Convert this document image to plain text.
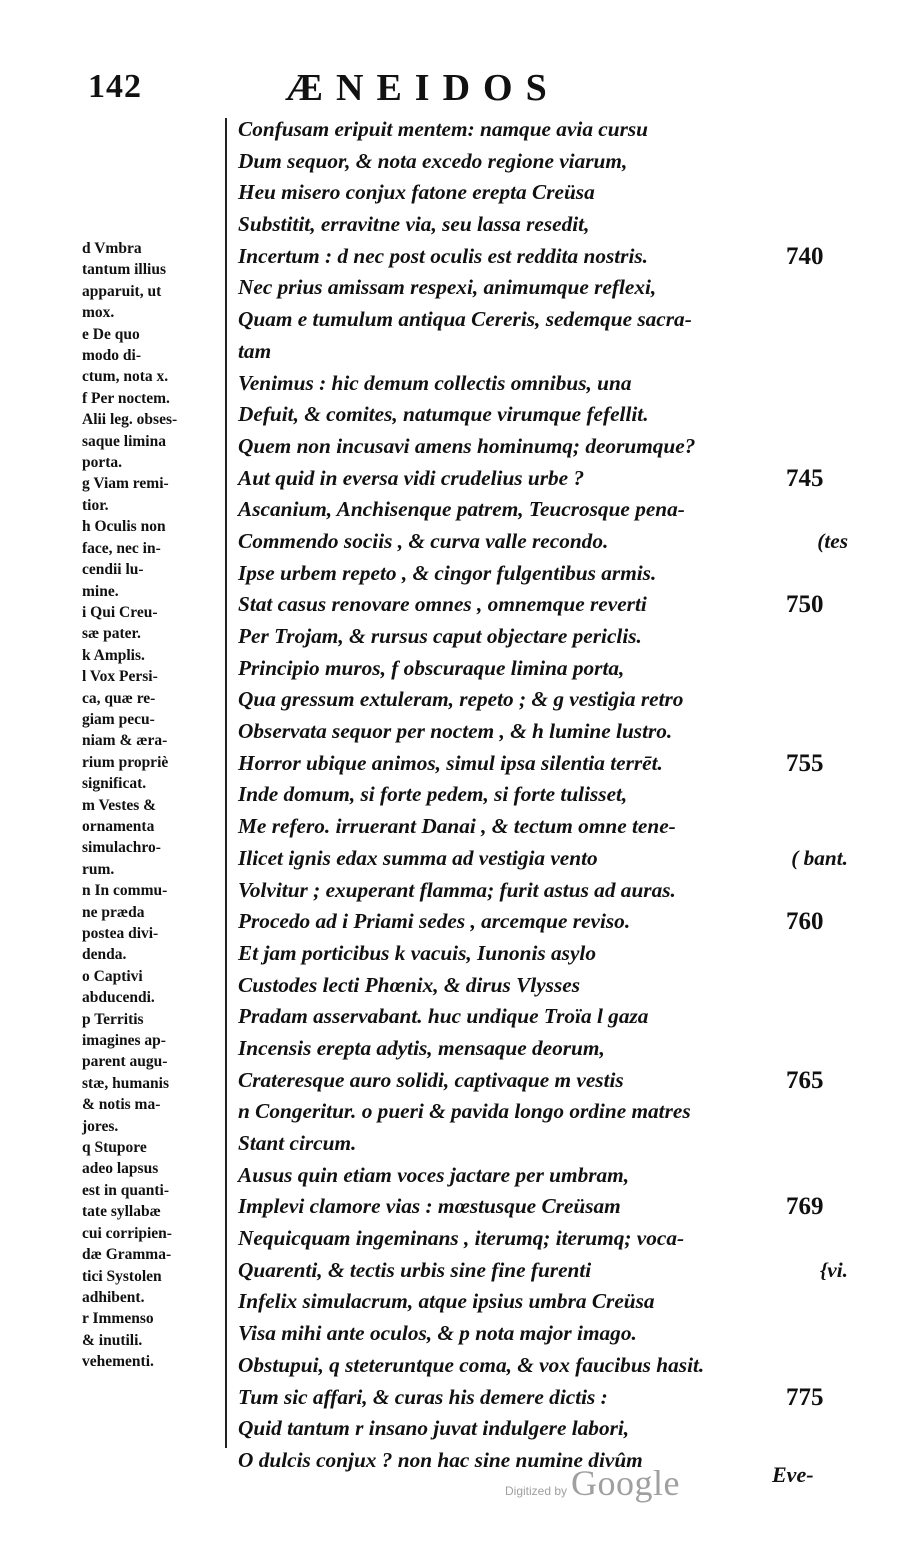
142	ÆNEIDOS

d Vmbra
tantum illius
apparuit, ut
mox.

e De quo
modo di-
ctum, nota x.

f Per noctem.
Alii leg. obses-
saque limina
porta.

g Viam remi-
tior.

h Oculis non
face, nec in-
cendii lu-
mine.

i Qui Creu-
sæ pater.

k Amplis.

l Vox Persi-
ca, quæ re-
giam pecu-
niam & æra-
rium propriè
significat.

m Vestes &
ornamenta
simulachro-
rum.

n In commu-
ne præda
postea divi-
denda.

o Captivi
abducendi.

p Territis
imagines ap-
parent augu-
stæ, humanis
& notis ma-
jores.

q Stupore
adeo lapsus
est in quanti-
tate syllabæ
cui corripien-
dæ Gramma-
tici Systolen
adhibent.

r Immenso
& inutili.
vehementi.

Confusam eripuit mentem: namque avia cursu
Dum sequor, & nota excedo regione viarum,
Heu misero conjux fatone erepta Creüsa
Substitit, erravitne via, seu lassa resedit,
Incertum : d nec post oculis est reddita nostris.	740
Nec prius amissam respexi, animumque reflexi,
Quam e tumulum antiqua Cereris, sedemque sacra-
tam
Venimus : hic demum collectis omnibus, una
Defuit, & comites, natumque virumque fefellit.
Quem non incusavi amens hominumq; deorumque?
Aut quid in eversa vidi crudelius urbe ?	745
Ascanium, Anchisenque patrem, Teucrosque pena-
Commendo sociis , & curva valle recondo.	(tes
Ipse urbem repeto , & cingor fulgentibus armis.
Stat casus renovare omnes , omnemque reverti	750
Per Trojam, & rursus caput objectare periclis.
Principio muros, f obscuraque limina porta,
Qua gressum extuleram, repeto ; & g vestigia retro
Observata sequor per noctem , & h lumine lustro.
Horror ubique animos, simul ipsa silentia terrēt.	755
Inde domum, si forte pedem, si forte tulisset,
Me refero. irruerant Danai , & tectum omne tene-
Ilicet ignis edax summa ad vestigia vento	( bant.
Volvitur ; exuperant flamma; furit astus ad auras.
Procedo ad i Priami sedes , arcemque reviso.	760
Et jam porticibus k vacuis, Iunonis asylo
Custodes lecti Phœnix, & dirus Vlysses
Pradam asservabant. huc undique Troïa l gaza
Incensis erepta adytis, mensaque deorum,
Crateresque auro solidi, captivaque m vestis	765
n Congeritur. o pueri & pavida longo ordine matres
Stant circum.
Ausus quin etiam voces jactare per umbram,
Implevi clamore vias : mœstusque Creüsam	769
Nequicquam ingeminans , iterumq; iterumq; voca-
Quarenti, & tectis urbis sine fine furenti	{vi.
Infelix simulacrum, atque ipsius umbra Creüsa
Visa mihi ante oculos, & p nota major imago.
Obstupui, q steteruntque coma, & vox faucibus hasit.
Tum sic affari, & curas his demere dictis :	775
Quid tantum r insano juvat indulgere labori,
O dulcis conjux ? non hac sine numine divûm
Digitized by Google	Eve-
